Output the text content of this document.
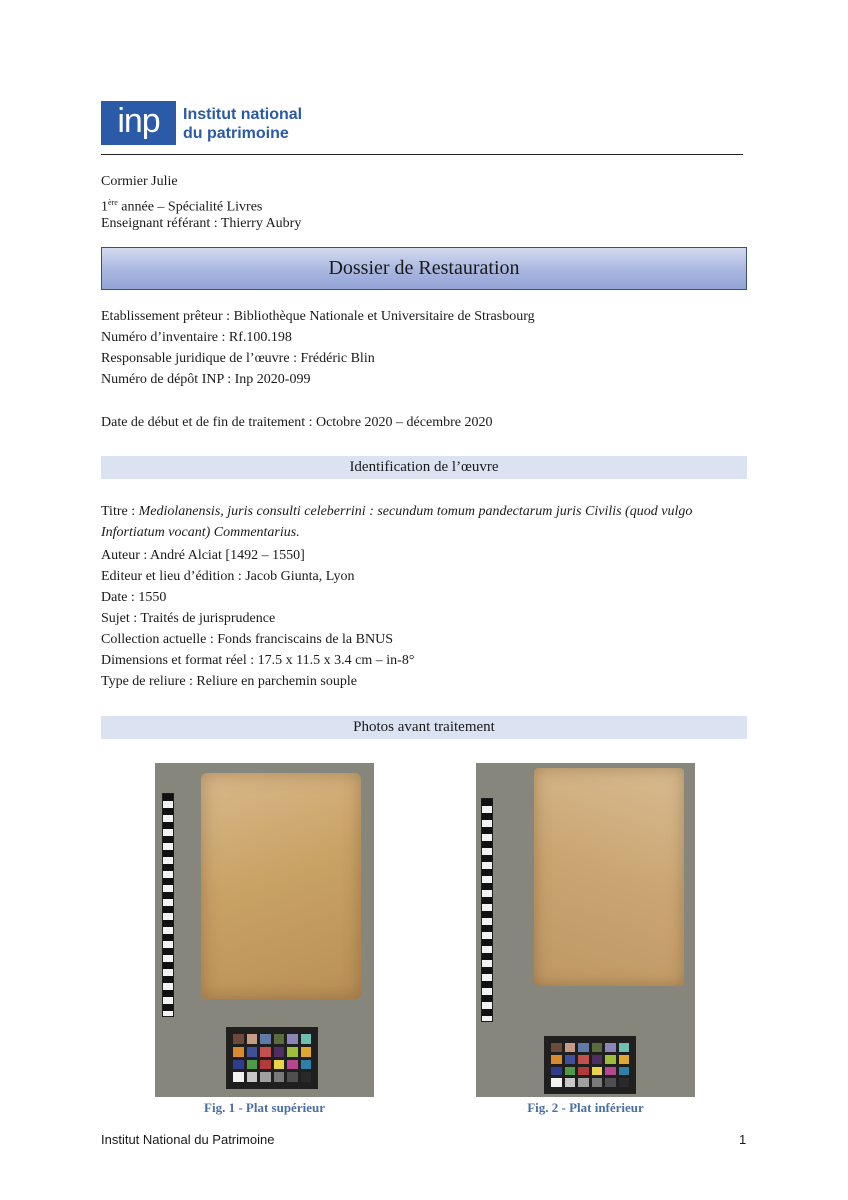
inp	Institut national
du patrimoine
Cormier Julie
1ère année – Spécialité Livres
Enseignant référant : Thierry Aubry
Dossier de Restauration
Etablissement prêteur : Bibliothèque Nationale et Universitaire de Strasbourg
Numéro d’inventaire : Rf.100.198
Responsable juridique de l’œuvre : Frédéric Blin
Numéro de dépôt INP : Inp 2020-099
Date de début et de fin de traitement : Octobre 2020 – décembre 2020
Identification de l’œuvre
Titre : Mediolanensis, juris consulti celeberrini : secundum tomum pandectarum juris Civilis (quod vulgo Infortiatum vocant) Commentarius.
Auteur : André Alciat [1492 – 1550]
Editeur et lieu d’édition : Jacob Giunta, Lyon
Date : 1550
Sujet : Traités de jurisprudence
Collection actuelle : Fonds franciscains de la BNUS
Dimensions et format réel : 17.5 x 11.5 x 3.4 cm – in-8°
Type de reliure : Reliure en parchemin souple
Photos avant traitement
Fig. 1 - Plat supérieur	Fig. 2 - Plat inférieur
Institut National du Patrimoine	1
